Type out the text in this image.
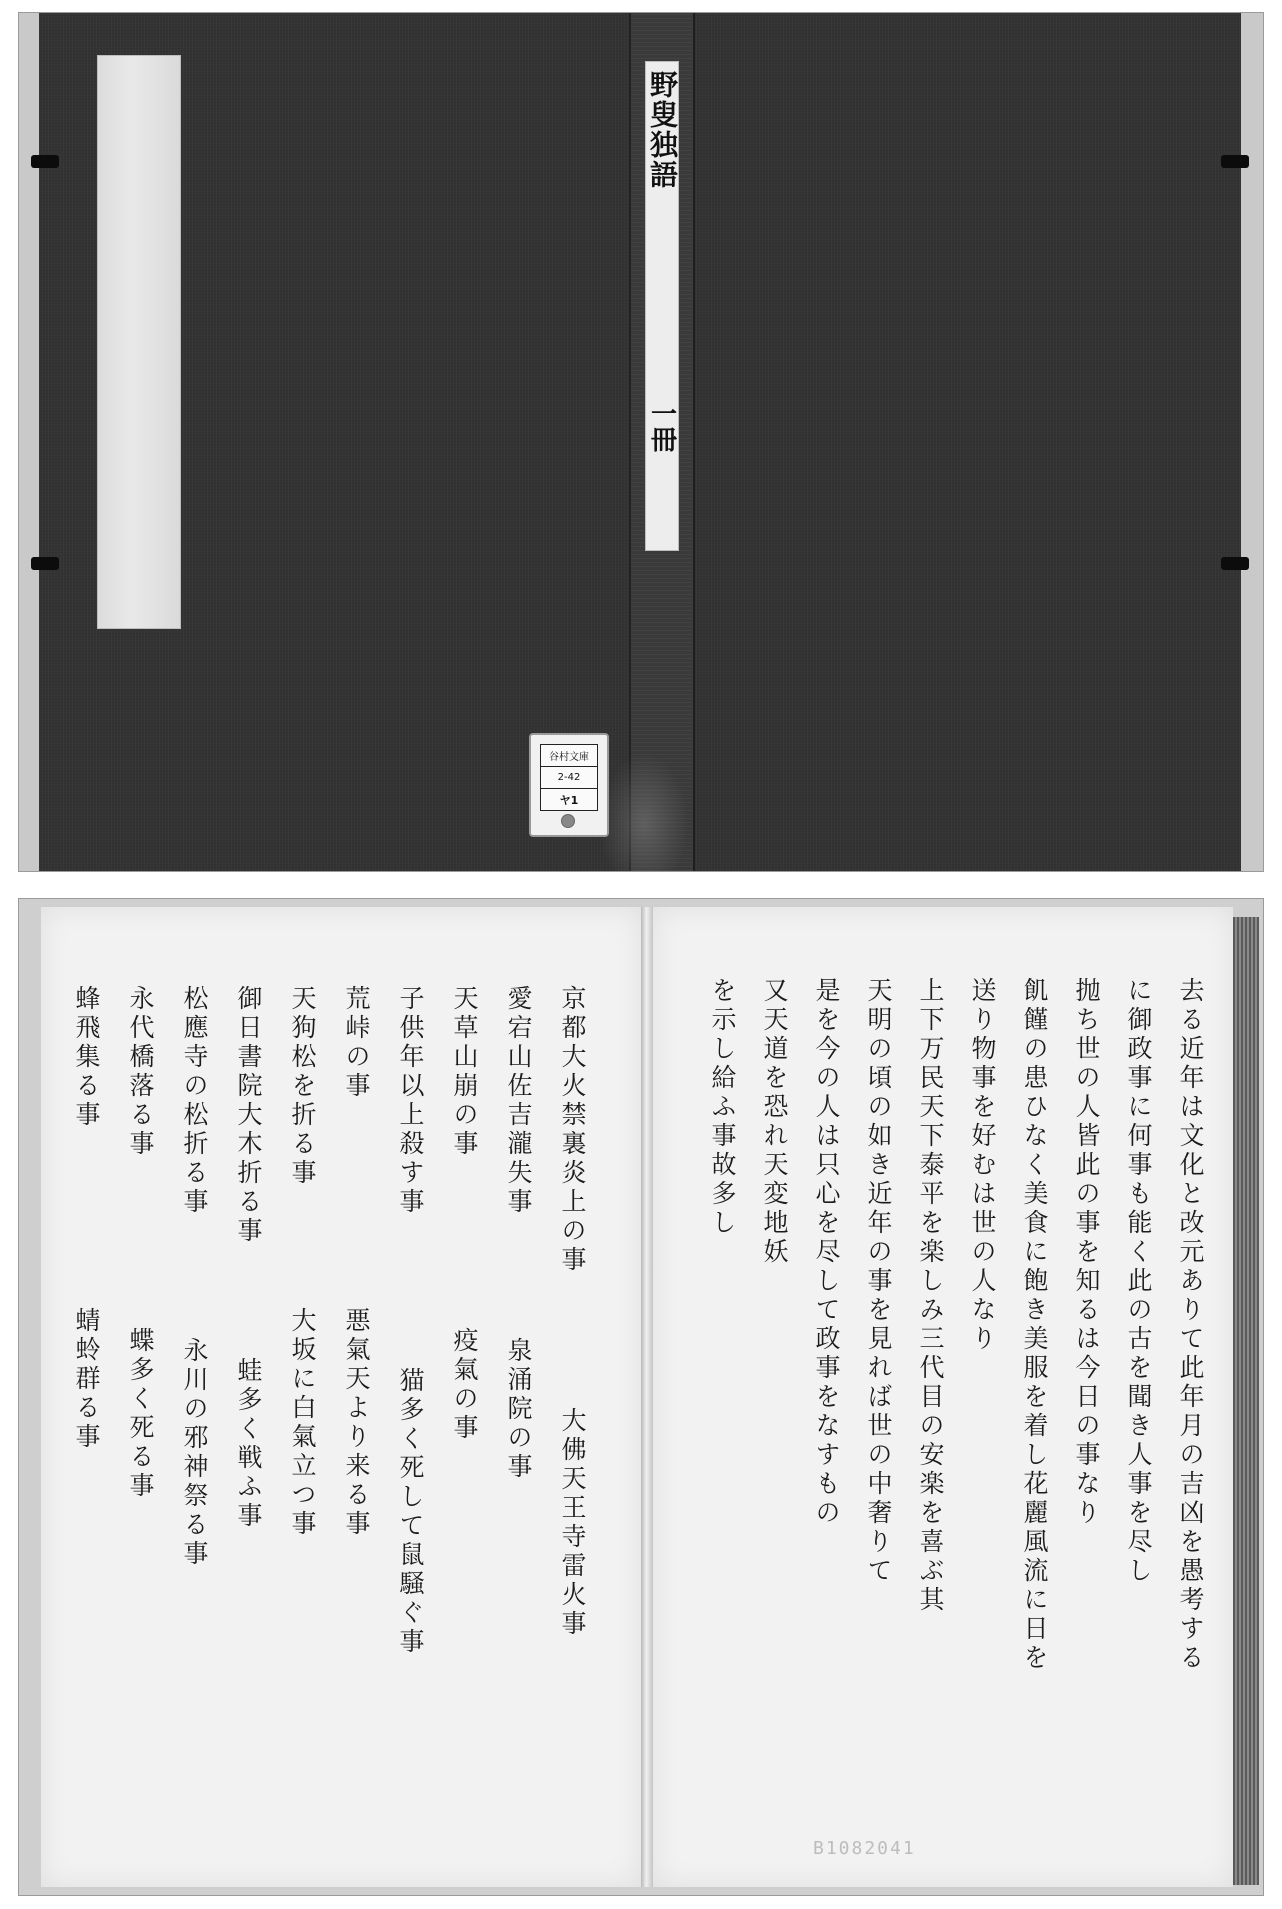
野叟独語
一冊
谷村文庫
2-42
ヤ1
京都大火禁裏炎上の事
大佛天王寺雷火事
愛宕山佐吉瀧失事
泉涌院の事
天草山崩の事
疫氣の事
子供年以上殺す事
猫多く死して鼠騒ぐ事
荒峠の事
悪氣天より来る事
天狗松を折る事
大坂に白氣立つ事
御日書院大木折る事
蛙多く戦ふ事
松應寺の松折る事
永川の邪神祭る事
永代橋落る事
蝶多く死る事
蜂飛集る事
蜻蛉群る事	去る近年は文化と改元ありて此年月の吉凶を愚考する
に御政事に何事も能く此の古を聞き人事を尽し
抛ち世の人皆此の事を知るは今日の事なり
飢饉の患ひなく美食に飽き美服を着し花麗風流に日を
送り物事を好むは世の人なり
上下万民天下泰平を楽しみ三代目の安楽を喜ぶ其
天明の頃の如き近年の事を見れば世の中奢りて
是を今の人は只心を尽して政事をなすもの
又天道を恐れ天変地妖
を示し給ふ事故多し
B1082041
